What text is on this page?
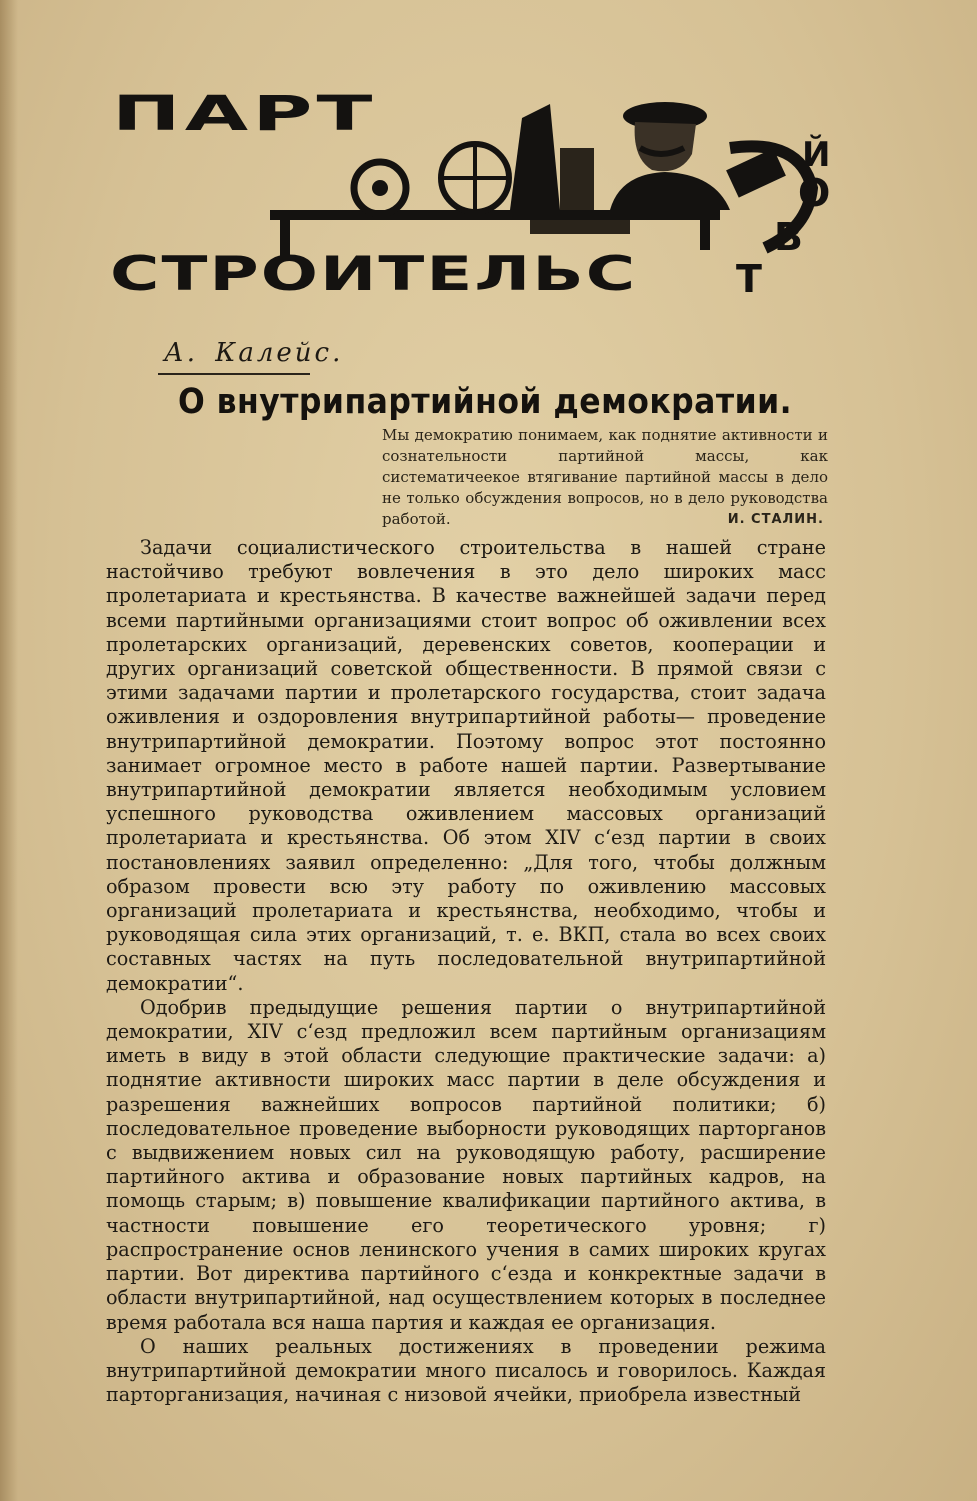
ПАРТ
Т
В
О
Й
СТРОИТЕЛЬС

А. Калейс.

О внутрипартийной демократии.

Мы демократию понимаем, как поднятие активности и сознательности партийной массы, как систематичеекое втягивание партийной массы в дело не только обсуждения вопросов, но в дело руководства работой.	И. СТАЛИН.

Задачи социалистического строительства в нашей стране настойчиво требуют вовлечения в это дело широких масс пролетариата и крестьянства. В качестве важнейшей задачи перед всеми партийными организациями стоит вопрос об оживлении всех пролетарских организаций, деревенских советов, кооперации и других организаций советской общественности. В прямой связи с этими задачами партии и пролетарского государства, стоит задача оживления и оздоровления внутрипартийной работы— проведение внутрипартийной демократии. Поэтому вопрос этот постоянно занимает огромное место в работе нашей партии. Развертывание внутрипартийной демократии является необходимым условием успешного руководства оживлением массовых организаций пролетариата и крестьянства. Об этом XIV с‘езд партии в своих постановлениях заявил определенно: „Для того, чтобы должным образом провести всю эту работу по оживлению массовых организаций пролетариата и крестьянства, необходимо, чтобы и руководящая сила этих организаций, т. е. ВКП, стала во всех своих составных частях на путь последовательной внутрипартийной демократии“.

Одобрив предыдущие решения партии о внутрипартийной демократии, XIV с‘езд предложил всем партийным организациям иметь в виду в этой области следующие практические задачи: а) поднятие активности широких масс партии в деле обсуждения и разрешения важнейших вопросов партийной политики; б) последовательное проведение выборности руководящих парторганов с выдвижением новых сил на руководящую работу, расширение партийного актива и образование новых партийных кадров, на помощь старым; в) повышение квалификации партийного актива, в частности повышение его теоретического уровня; г) распространение основ ленинского учения в самих широких кругах партии. Вот директива партийного с‘езда и конкректные задачи в области внутрипартийной, над осуществлением которых в последнее время работала вся наша партия и каждая ее организация.

О наших реальных достижениях в проведении режима внутрипартийной демократии много писалось и говорилось. Каждая парторганизация, начиная с низовой ячейки, приобрела известный
